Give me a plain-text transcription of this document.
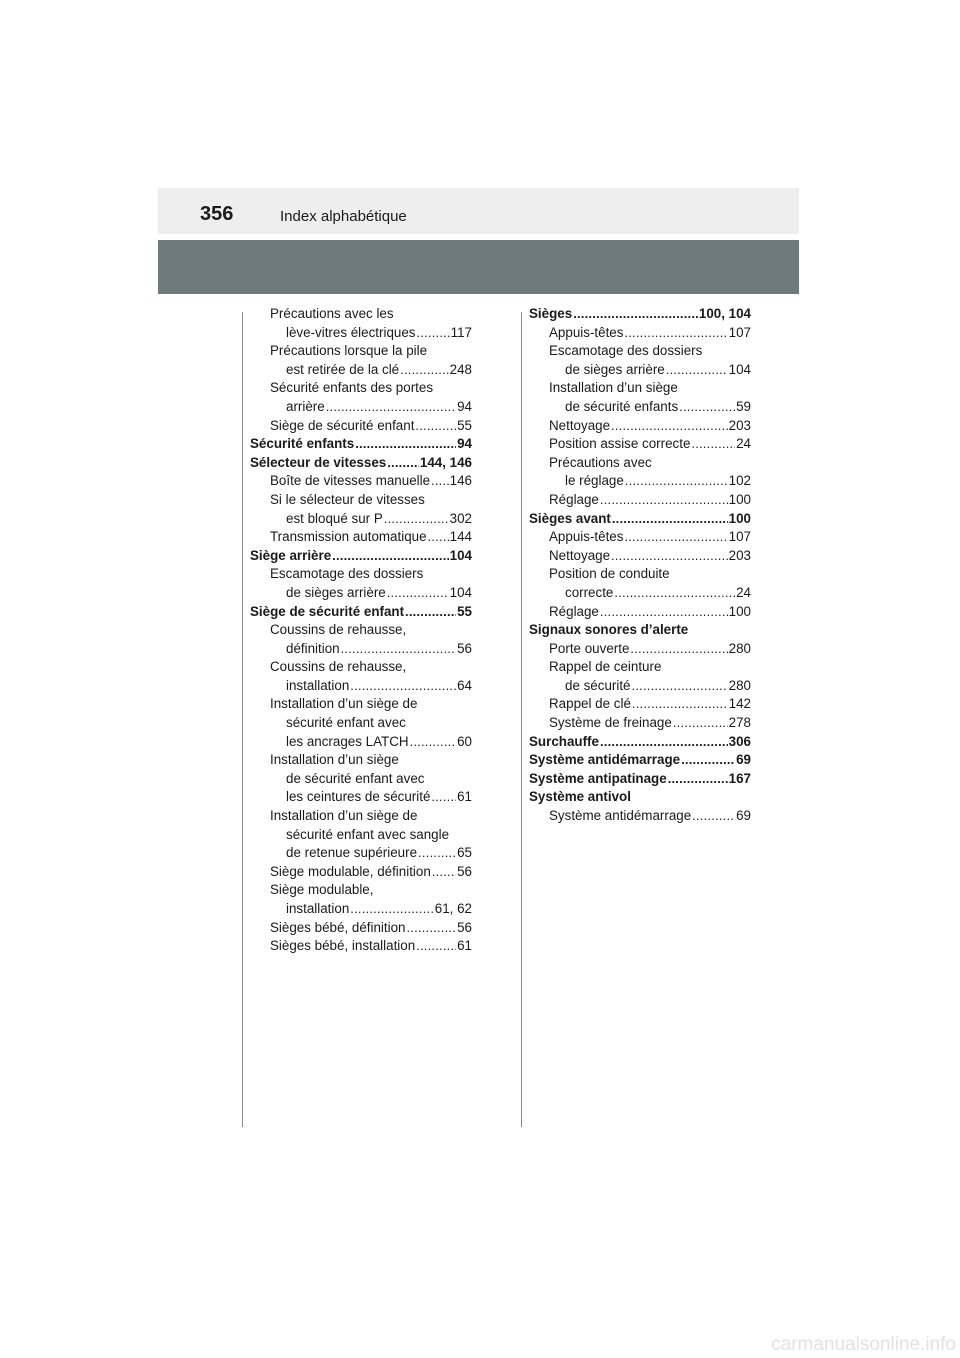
356	Index alphabétique
Précautions avec les
lève-vitres électriques .....	117
Précautions lorsque la pile
est retirée de la clé .....	248
Sécurité enfants des portes
arrière .....	94
Siège de sécurité enfant .....	55
Sécurité enfants .....	94
Sélecteur de vitesses .....	144, 146
Boîte de vitesses manuelle ..... 146
Si le sélecteur de vitesses
est bloqué sur P .....	302
Transmission automatique ..... 144
Siège arrière .....	104
Escamotage des dossiers
de sièges arrière .....	104
Siège de sécurité enfant .....	55
Coussins de rehausse,
définition .....	56
Coussins de rehausse,
installation .....	64
Installation d’un siège de
sécurité enfant avec
les ancrages LATCH .....	60
Installation d’un siège
de sécurité enfant avec
les ceintures de sécurité ..... 61
Installation d’un siège de
sécurité enfant avec sangle
de retenue supérieure .....	65
Siège modulable, définition ..... 56
Siège modulable,
installation .....	61, 62
Sièges bébé, définition .....	56
Sièges bébé, installation .....	61
Sièges .....	100, 104
Appuis-têtes .....	107
Escamotage des dossiers
de sièges arrière .....	104
Installation d’un siège
de sécurité enfants .....	59
Nettoyage .....	203
Position assise correcte .....	24
Précautions avec
le réglage .....	102
Réglage .....	100
Sièges avant .....	100
Appuis-têtes .....	107
Nettoyage .....	203
Position de conduite
correcte .....	24
Réglage .....	100
Signaux sonores d’alerte
Porte ouverte .....	280
Rappel de ceinture
de sécurité .....	280
Rappel de clé .....	142
Système de freinage .....	278
Surchauffe .....	306
Système antidémarrage .....	69
Système antipatinage .....	167
Système antivol
Système antidémarrage .....	69
carmanualsonline.info
